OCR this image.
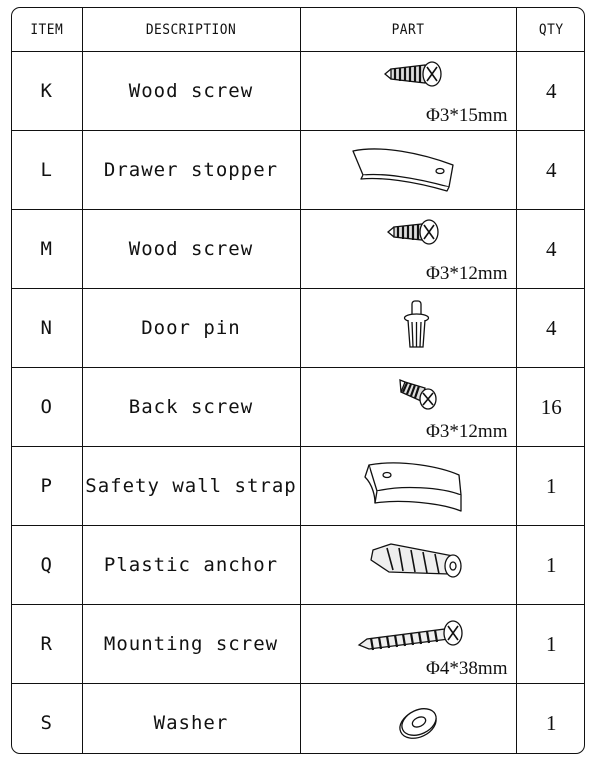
ITEM	DESCRIPTION	PART	QTY
K	Wood screw	Φ3*15mm	4
L	Drawer stopper		4
M	Wood screw	Φ3*12mm	4
N	Door pin		4
O	Back screw	Φ3*12mm	16
P	Safety wall strap		1
Q	Plastic anchor		1
R	Mounting screw	Φ4*38mm	1
S	Washer		1
